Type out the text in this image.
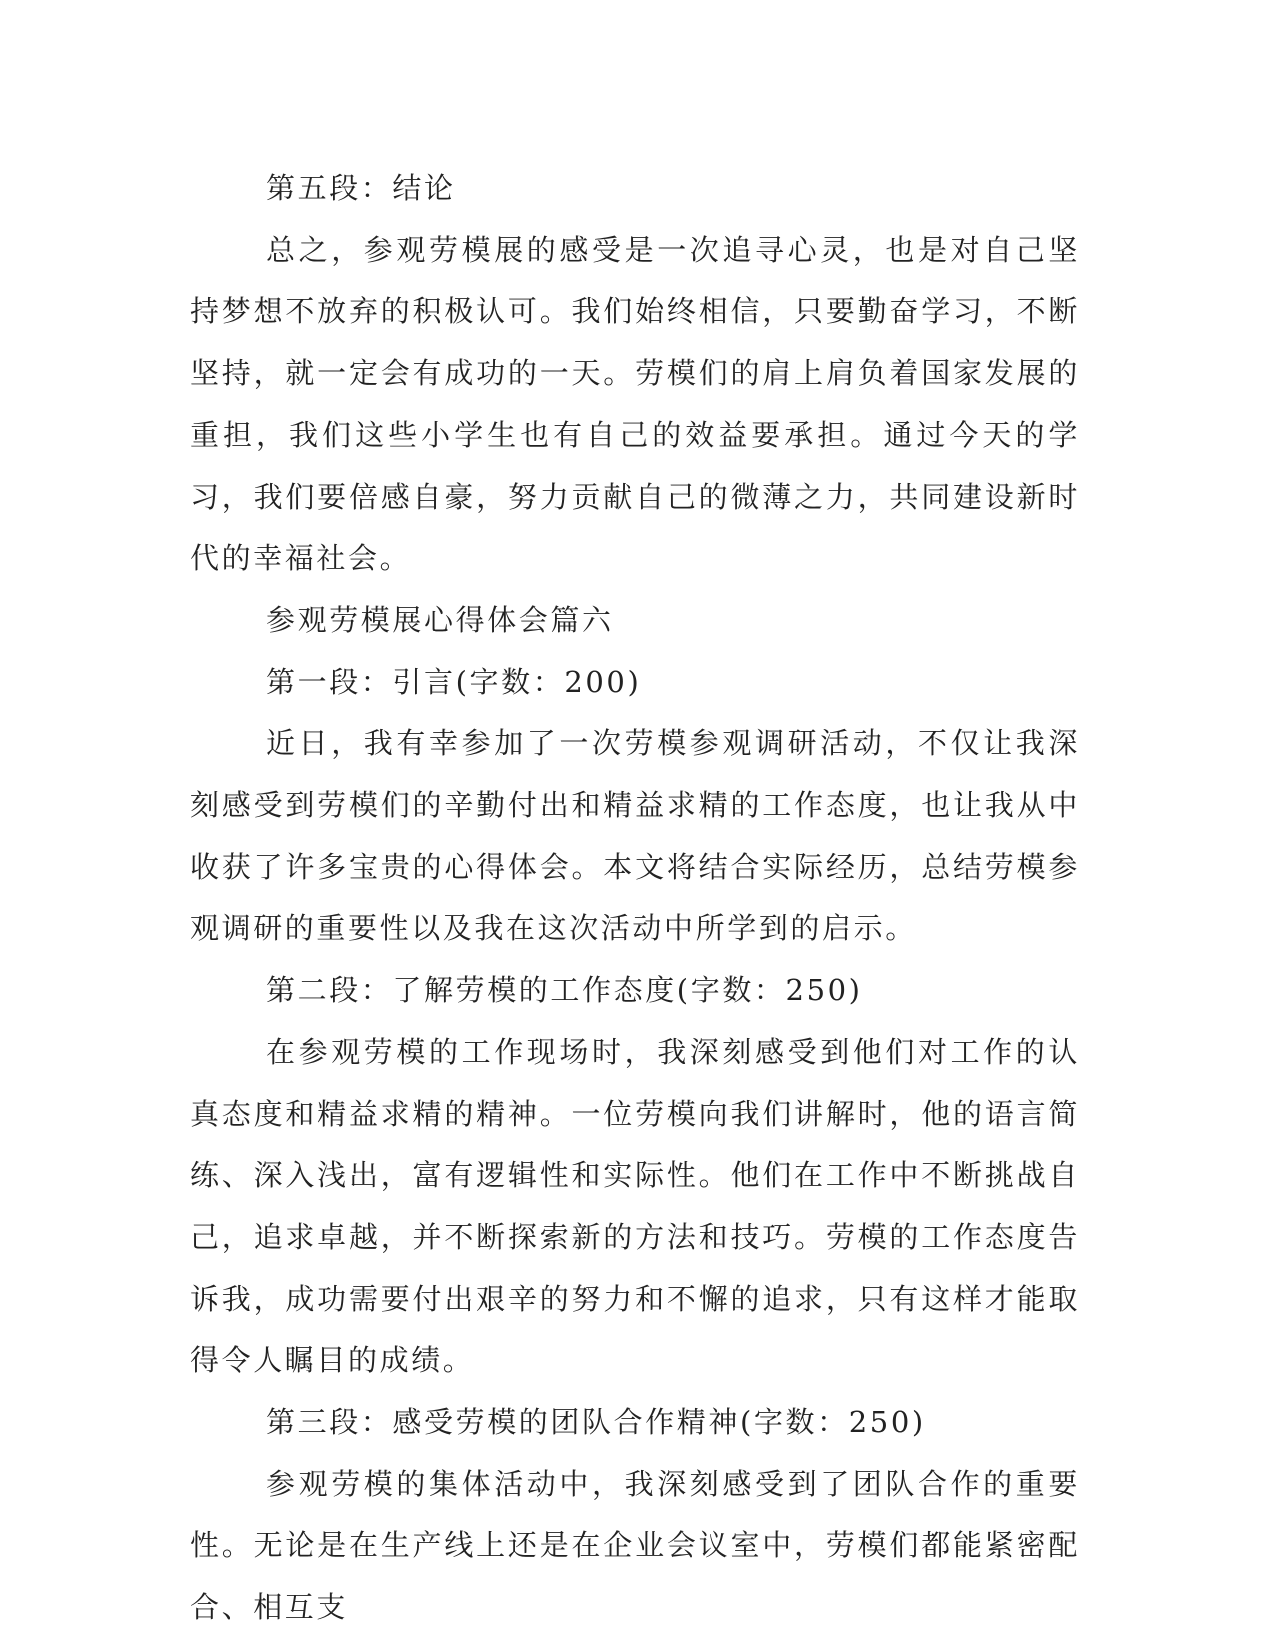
第五段：结论

总之，参观劳模展的感受是一次追寻心灵，也是对自己坚持梦想不放弃的积极认可。我们始终相信，只要勤奋学习，不断坚持，就一定会有成功的一天。劳模们的肩上肩负着国家发展的重担，我们这些小学生也有自己的效益要承担。通过今天的学习，我们要倍感自豪，努力贡献自己的微薄之力，共同建设新时代的幸福社会。

参观劳模展心得体会篇六

第一段：引言(字数：200)

近日，我有幸参加了一次劳模参观调研活动，不仅让我深刻感受到劳模们的辛勤付出和精益求精的工作态度，也让我从中收获了许多宝贵的心得体会。本文将结合实际经历，总结劳模参观调研的重要性以及我在这次活动中所学到的启示。

第二段：了解劳模的工作态度(字数：250)

在参观劳模的工作现场时，我深刻感受到他们对工作的认真态度和精益求精的精神。一位劳模向我们讲解时，他的语言简练、深入浅出，富有逻辑性和实际性。他们在工作中不断挑战自己，追求卓越，并不断探索新的方法和技巧。劳模的工作态度告诉我，成功需要付出艰辛的努力和不懈的追求，只有这样才能取得令人瞩目的成绩。

第三段：感受劳模的团队合作精神(字数：250)

参观劳模的集体活动中，我深刻感受到了团队合作的重要性。无论是在生产线上还是在企业会议室中，劳模们都能紧密配合、相互支
